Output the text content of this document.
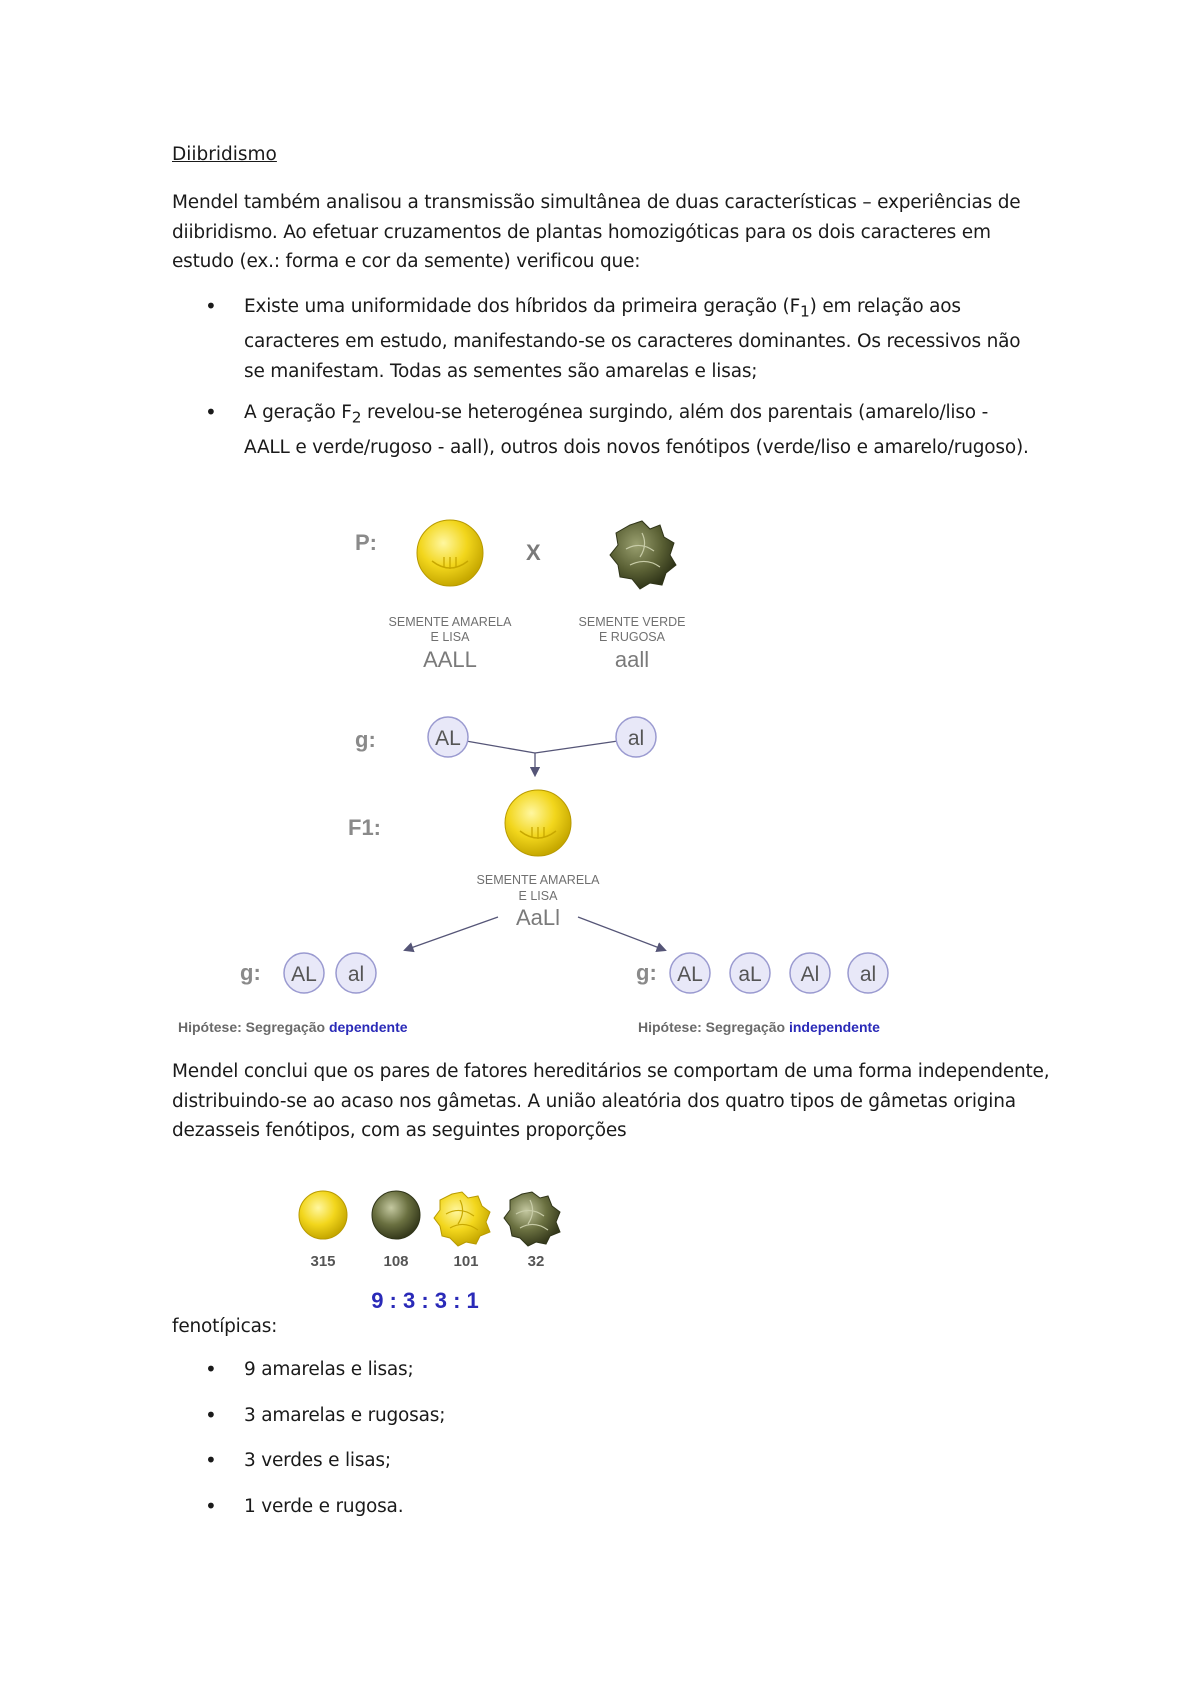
Diibridismo
Mendel também analisou a transmissão simultânea de duas características – experiências de diibridismo. Ao efetuar cruzamentos de plantas homozigóticas para os dois caracteres em estudo (ex.: forma e cor da semente) verificou que:
• Existe uma uniformidade dos híbridos da primeira geração $(F_1)$ em relação aos caracteres em estudo, manifestando-se os caracteres dominantes. Os recessivos não se manifestam. Todas as sementes são amarelas e lisas;
• A geração $F_2$ revelou-se heterogénea surgindo, além dos parentais (amarelo/liso - AALL e verde/rugoso - aall), outros dois novos fenótipos (verde/liso e amarelo/rugoso).
P:	X
SEMENTE AMARELA
E LISA
AALL
SEMENTE VERDE
E RUGOSA
aall
g:	AL	al
F1:
SEMENTE AMARELA
E LISA
AaLl
g: AL al	g: AL aL Al al
Hipótese: Segregação dependente	Hipótese: Segregação independente
Mendel conclui que os pares de fatores hereditários se comportam de uma forma independente, distribuindo-se ao acaso nos gâmetas. A união aleatória dos quatro tipos de gâmetas origina dezasseis fenótipos, com as seguintes proporções
315	108	101	32
9 : 3 : 3 : 1
fenotípicas:
• 9 amarelas e lisas;
• 3 amarelas e rugosas;
• 3 verdes e lisas;
• 1 verde e rugosa.
